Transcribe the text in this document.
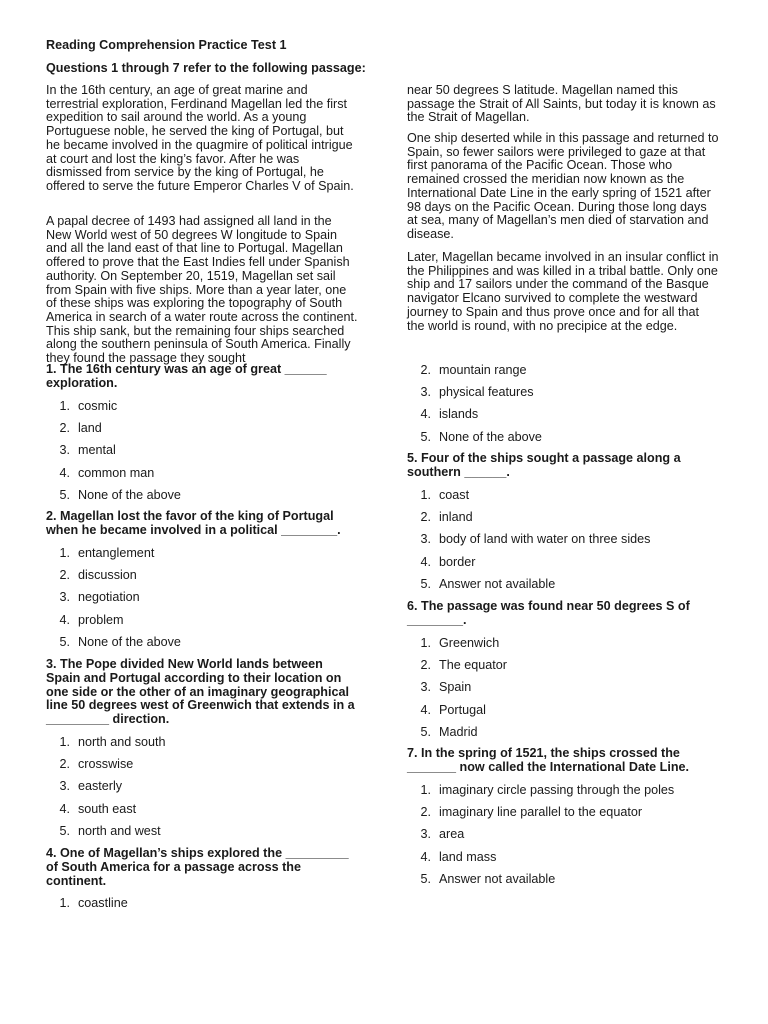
Reading Comprehension Practice Test 1
Questions 1 through 7 refer to the following passage:

In the 16th century, an age of great marine and terrestrial exploration, Ferdinand Magellan led the first expedition to sail around the world. As a young Portuguese noble, he served the king of Portugal, but he became involved in the quagmire of political intrigue at court and lost the king’s favor. After he was dismissed from service by the king of Portugal, he offered to serve the future Emperor Charles V of Spain.

A papal decree of 1493 had assigned all land in the New World west of 50 degrees W longitude to Spain and all the land east of that line to Portugal. Magellan offered to prove that the East Indies fell under Spanish authority. On September 20, 1519, Magellan set sail from Spain with five ships. More than a year later, one of these ships was exploring the topography of South America in search of a water route across the continent. This ship sank, but the remaining four ships searched along the southern peninsula of South America. Finally they found the passage they sought

1. The 16th century was an age of great ______ exploration.
1. cosmic
2. land
3. mental
4. common man
5. None of the above
2. Magellan lost the favor of the king of Portugal when he became involved in a political ________.
1. entanglement
2. discussion
3. negotiation
4. problem
5. None of the above
3. The Pope divided New World lands between Spain and Portugal according to their location on one side or the other of an imaginary geographical line 50 degrees west of Greenwich that extends in a _________ direction.
1. north and south
2. crosswise
3. easterly
4. south east
5. north and west
4. One of Magellan’s ships explored the _________ of South America for a passage across the continent.
1. coastline

near 50 degrees S latitude. Magellan named this passage the Strait of All Saints, but today it is known as the Strait of Magellan.

One ship deserted while in this passage and returned to Spain, so fewer sailors were privileged to gaze at that first panorama of the Pacific Ocean. Those who remained crossed the meridian now known as the International Date Line in the early spring of 1521 after 98 days on the Pacific Ocean. During those long days at sea, many of Magellan’s men died of starvation and disease.

Later, Magellan became involved in an insular conflict in the Philippines and was killed in a tribal battle. Only one ship and 17 sailors under the command of the Basque navigator Elcano survived to complete the westward journey to Spain and thus prove once and for all that the world is round, with no precipice at the edge.

2. mountain range
3. physical features
4. islands
5. None of the above
5. Four of the ships sought a passage along a southern ______.
1. coast
2. inland
3. body of land with water on three sides
4. border
5. Answer not available
6. The passage was found near 50 degrees S of ________.
1. Greenwich
2. The equator
3. Spain
4. Portugal
5. Madrid
7. In the spring of 1521, the ships crossed the _______ now called the International Date Line.
1. imaginary circle passing through the poles
2. imaginary line parallel to the equator
3. area
4. land mass
5. Answer not available
